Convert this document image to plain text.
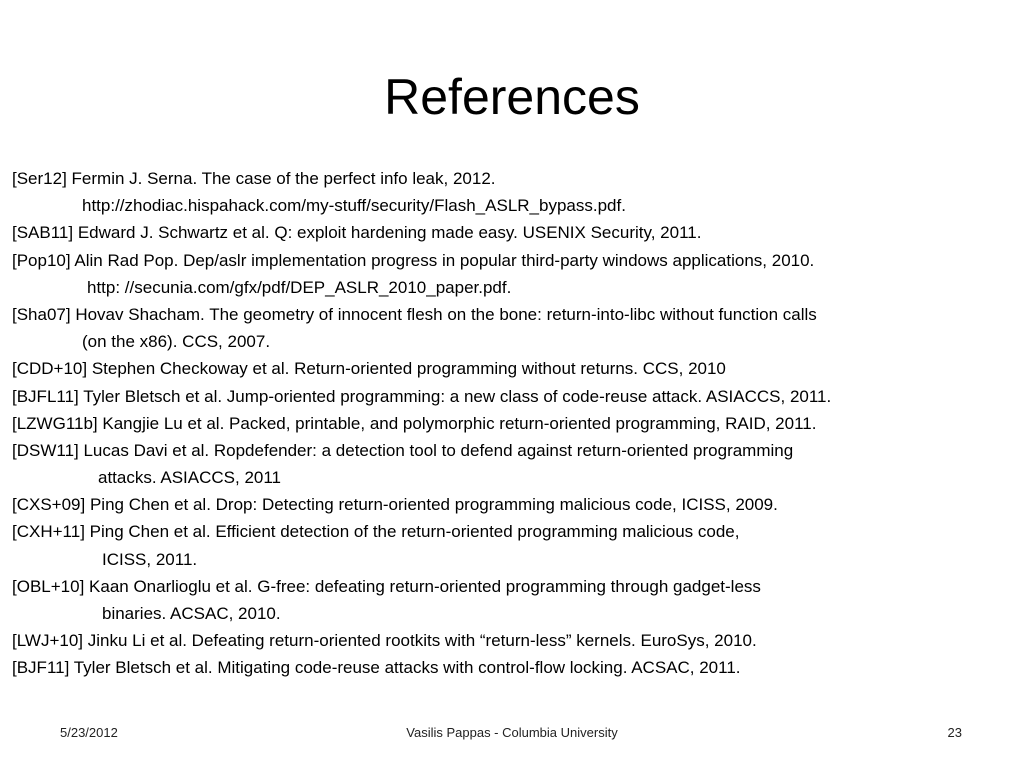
References
[Ser12] Fermin J. Serna. The case of the perfect info leak, 2012.
http://zhodiac.hispahack.com/my-stuff/security/Flash_ASLR_bypass.pdf.
[SAB11] Edward J. Schwartz et al. Q: exploit hardening made easy. USENIX Security, 2011.
[Pop10] Alin Rad Pop. Dep/aslr implementation progress in popular third-party windows applications, 2010.
http: //secunia.com/gfx/pdf/DEP_ASLR_2010_paper.pdf.
[Sha07] Hovav Shacham. The geometry of innocent flesh on the bone: return-into-libc without function calls
(on the x86). CCS, 2007.
[CDD+10] Stephen Checkoway et al. Return-oriented programming without returns. CCS, 2010
[BJFL11] Tyler Bletsch et al. Jump-oriented programming: a new class of code-reuse attack. ASIACCS, 2011.
[LZWG11b] Kangjie Lu et al. Packed, printable, and polymorphic return-oriented programming, RAID, 2011.
[DSW11] Lucas Davi et al. Ropdefender: a detection tool to defend against return-oriented programming
attacks. ASIACCS, 2011
[CXS+09] Ping Chen et al. Drop: Detecting return-oriented programming malicious code, ICISS, 2009.
[CXH+11] Ping Chen et al. Efficient detection of the return-oriented programming malicious code,
ICISS, 2011.
[OBL+10] Kaan Onarlioglu et al. G-free: defeating return-oriented programming through gadget-less
binaries. ACSAC, 2010.
[LWJ+10] Jinku Li et al. Defeating return-oriented rootkits with “return-less” kernels. EuroSys, 2010.
[BJF11] Tyler Bletsch et al. Mitigating code-reuse attacks with control-flow locking. ACSAC, 2011.
5/23/2012	Vasilis Pappas - Columbia University	23
